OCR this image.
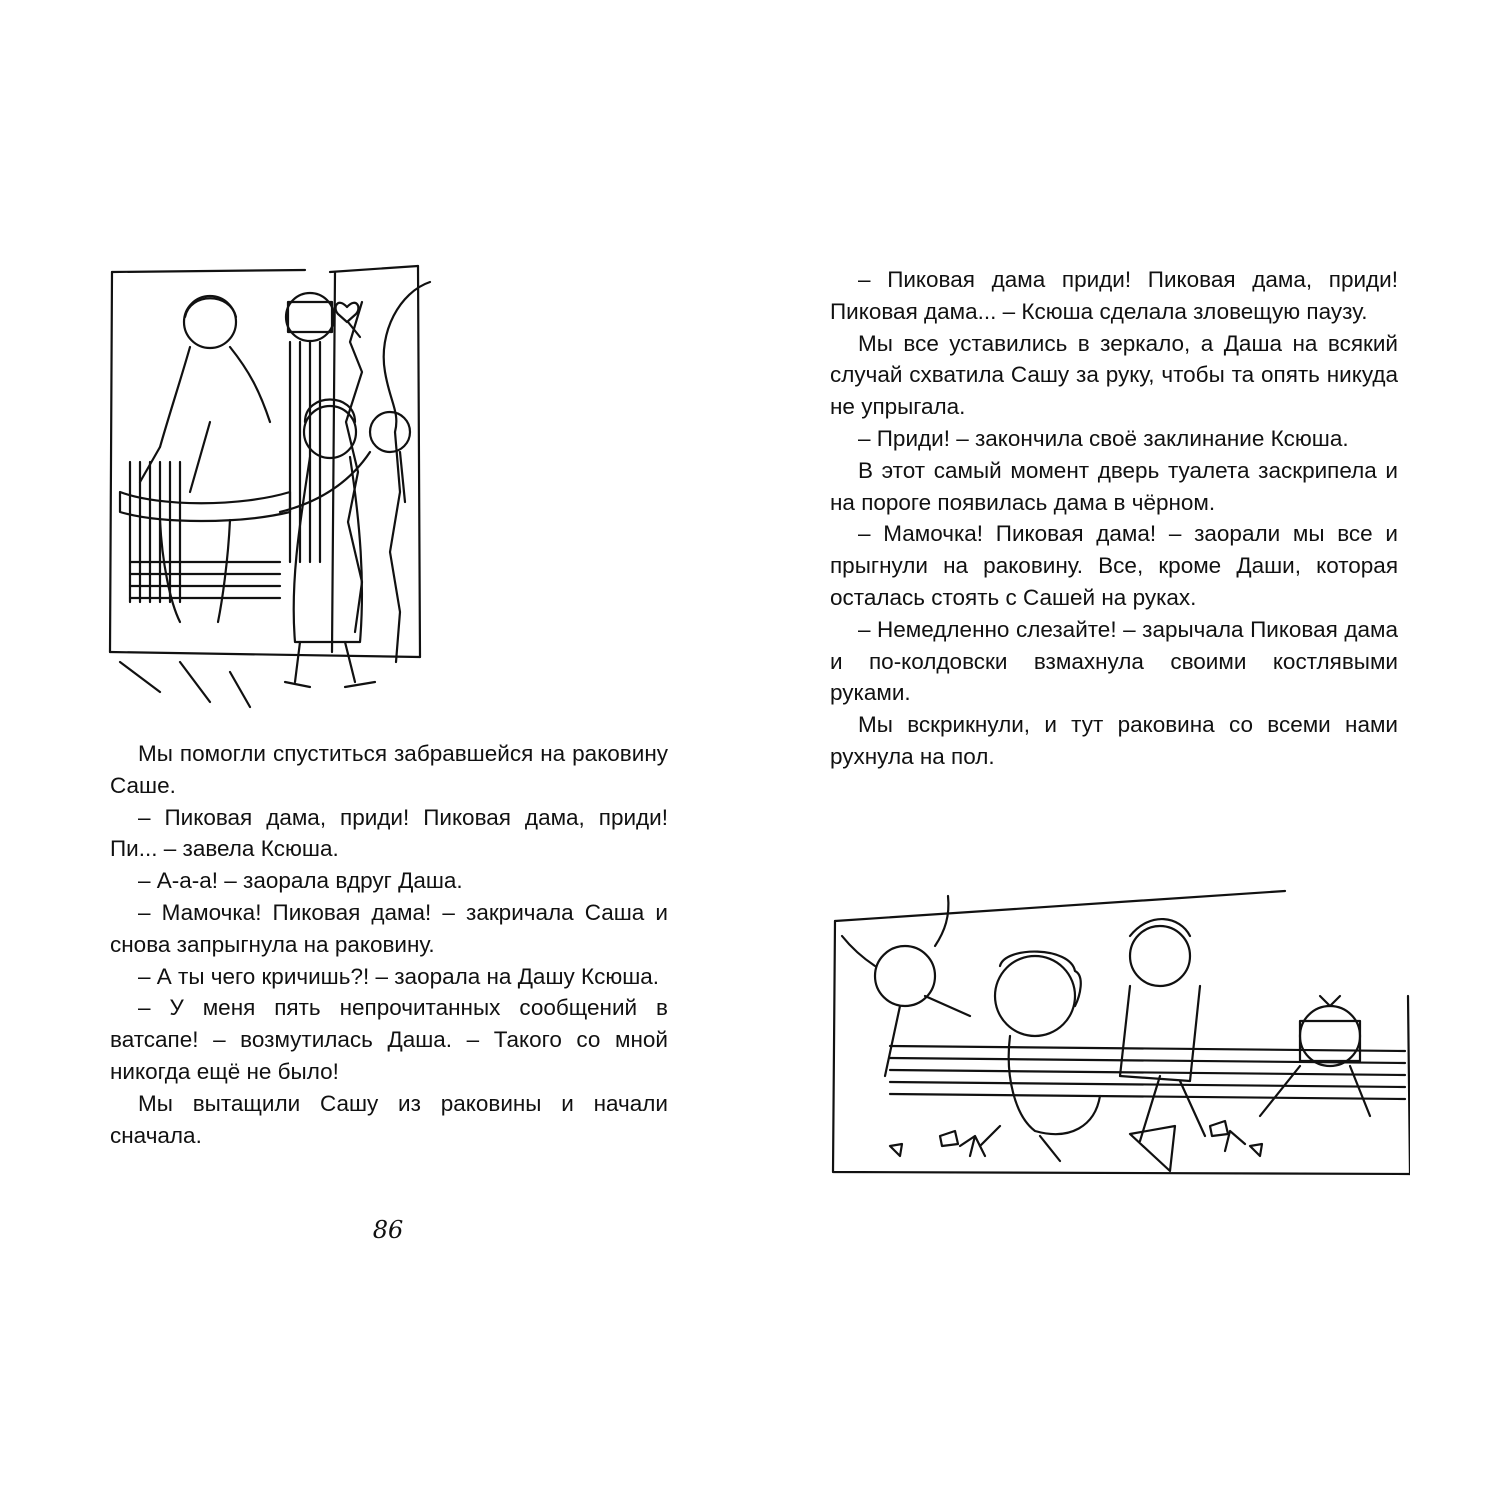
Мы помогли спуститься забравшейся на раковину Саше.

– Пиковая дама, приди! Пиковая дама, приди! Пи... – завела Ксюша.

– А-а-а! – заорала вдруг Даша.

– Мамочка! Пиковая дама! – закричала Саша и снова запрыгнула на раковину.

– А ты чего кричишь?! – заорала на Дашу Ксюша.

– У меня пять непрочитанных сообщений в ватсапе! – возмутилась Даша. – Такого со мной никогда ещё не было!

Мы вытащили Сашу из раковины и начали сначала.

86

– Пиковая дама приди! Пиковая дама, приди! Пиковая дама... – Ксюша сделала зловещую паузу.

Мы все уставились в зеркало, а Даша на всякий случай схватила Сашу за руку, чтобы та опять никуда не упрыгала.

– Приди! – закончила своё заклинание Ксюша.

В этот самый момент дверь туалета заскрипела и на пороге появилась дама в чёрном.

– Мамочка! Пиковая дама! – заорали мы все и прыгнули на раковину. Все, кроме Даши, которая осталась стоять с Сашей на руках.

– Немедленно слезайте! – зарычала Пиковая дама и по-колдовски взмахнула своими костлявыми руками.

Мы вскрикнули, и тут раковина со всеми нами рухнула на пол.
